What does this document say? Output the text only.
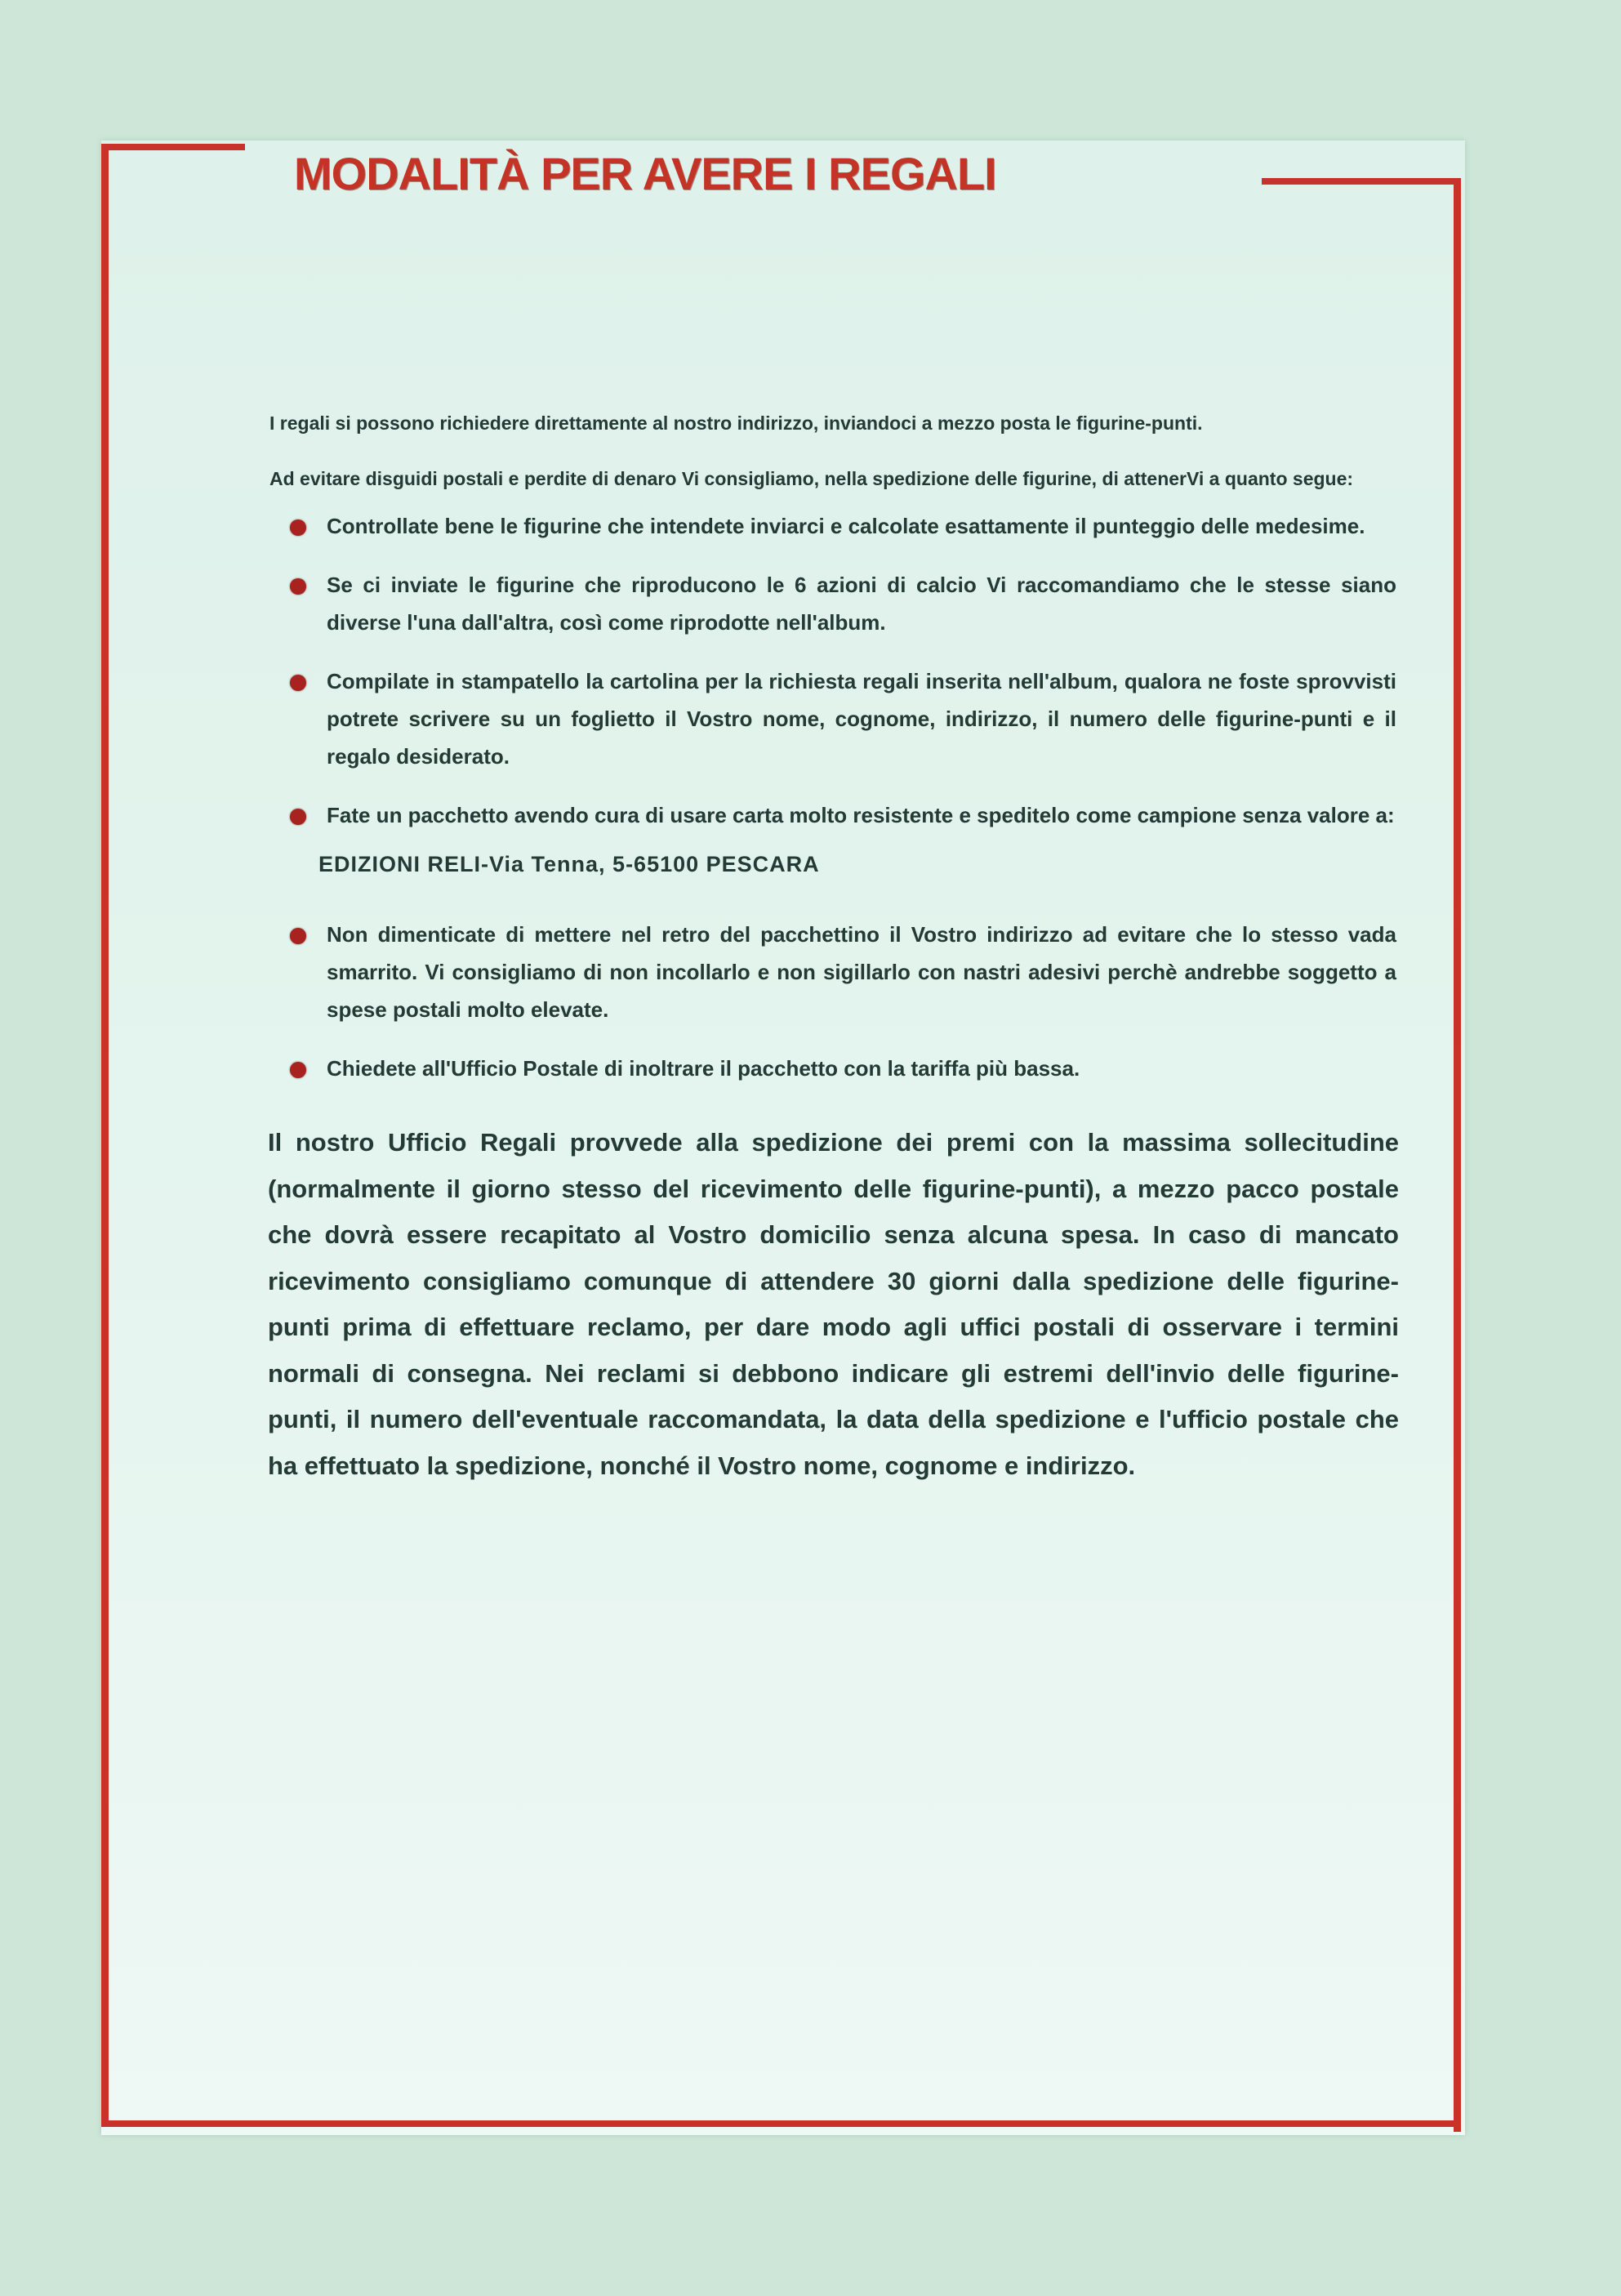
MODALITÀ PER AVERE I REGALI

I regali si possono richiedere direttamente al nostro indirizzo, inviandoci a mezzo posta le figurine-punti.

Ad evitare disguidi postali e perdite di denaro Vi consigliamo, nella spedizione delle figurine, di attenerVi a quanto segue:

Controllate bene le figurine che intendete inviarci e calcolate esattamente il punteggio delle medesime.
Se ci inviate le figurine che riproducono le 6 azioni di calcio Vi raccomandiamo che le stesse siano diverse l'una dall'altra, così come riprodotte nell'album.
Compilate in stampatello la cartolina per la richiesta regali inserita nell'album, qualora ne foste sprovvisti potrete scrivere su un foglietto il Vostro nome, cognome, indirizzo, il numero delle figurine-punti e il regalo desiderato.
Fate un pacchetto avendo cura di usare carta molto resistente e speditelo come campione senza valore a:
EDIZIONI RELI-Via Tenna, 5-65100 PESCARA
Non dimenticate di mettere nel retro del pacchettino il Vostro indirizzo ad evitare che lo stesso vada smarrito. Vi consigliamo di non incollarlo e non sigillarlo con nastri adesivi perchè andrebbe soggetto a spese postali molto elevate.
Chiedete all'Ufficio Postale di inoltrare il pacchetto con la tariffa più bassa.

Il nostro Ufficio Regali provvede alla spedizione dei premi con la massima sollecitudine (normalmente il giorno stesso del ricevimento delle figurine-punti), a mezzo pacco postale che dovrà essere recapitato al Vostro domicilio senza alcuna spesa. In caso di mancato ricevimento consigliamo comunque di attendere 30 giorni dalla spedizione delle figurine-punti prima di effettuare reclamo, per dare modo agli uffici postali di osservare i termini normali di consegna. Nei reclami si debbono indicare gli estremi dell'invio delle figurine-punti, il numero dell'eventuale raccomandata, la data della spedizione e l'ufficio postale che ha effettuato la spedizione, nonché il Vostro nome, cognome e indirizzo.
